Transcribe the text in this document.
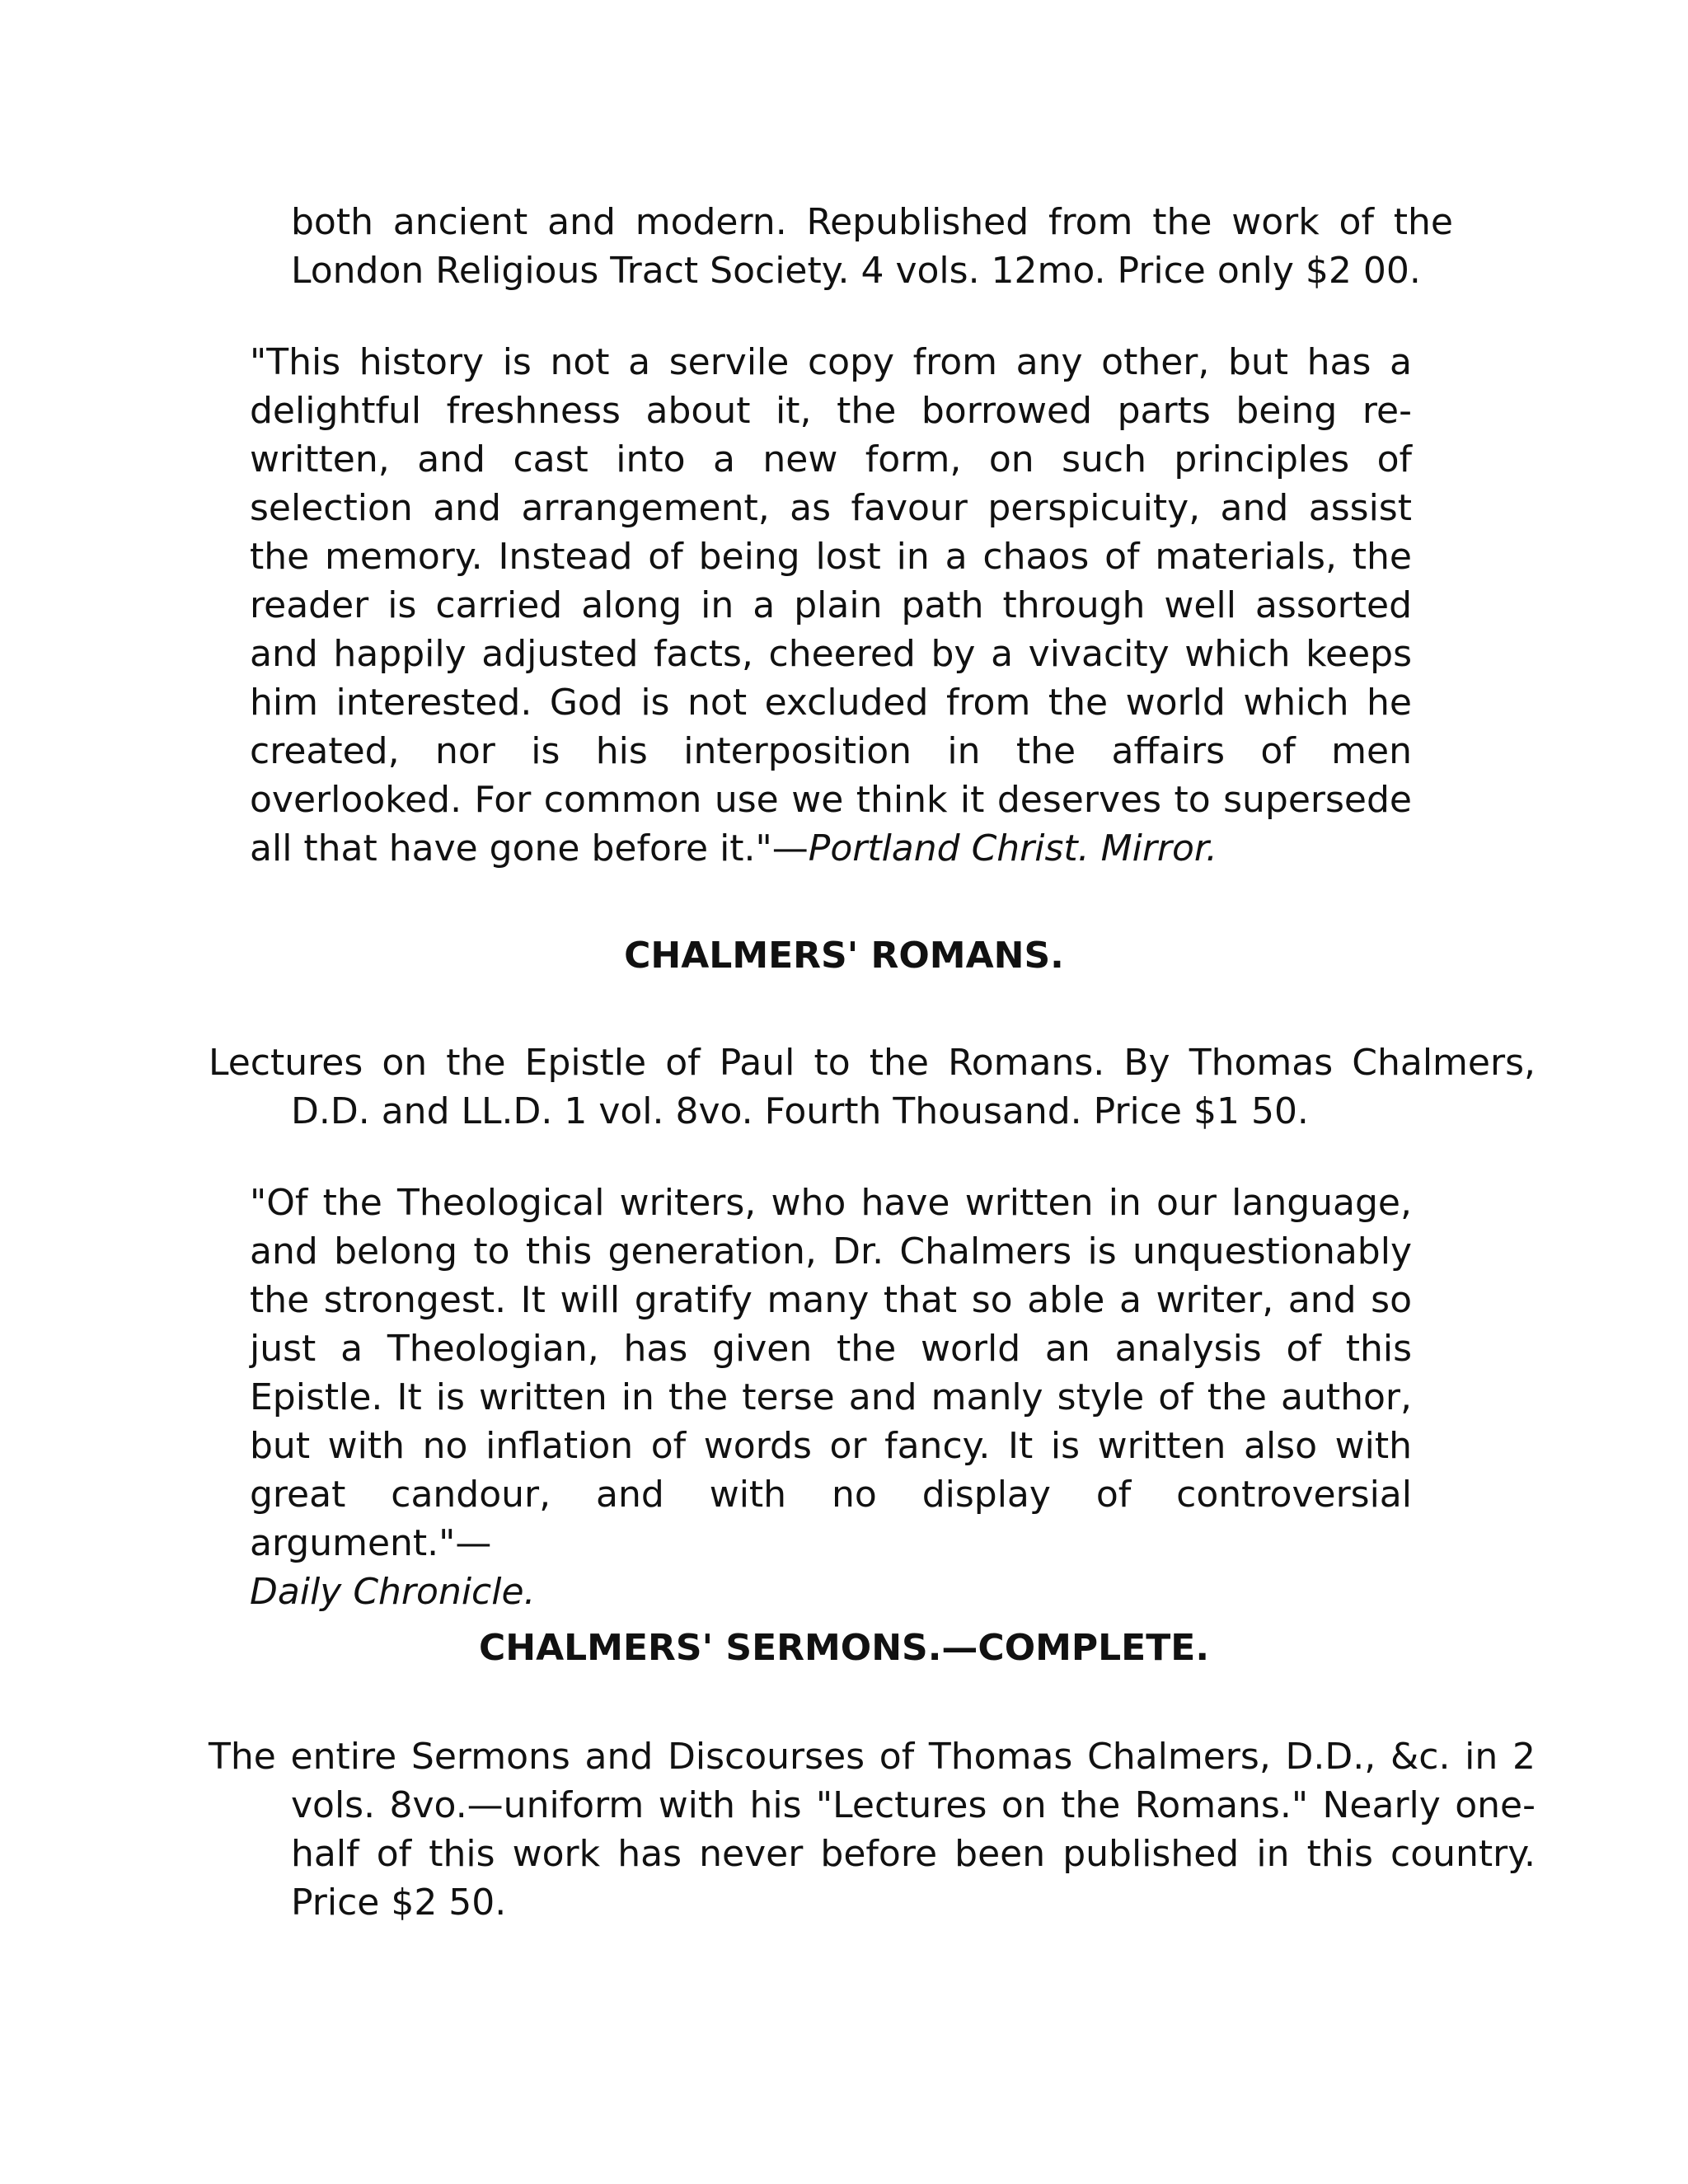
both ancient and modern. Republished from the work of the London Religious Tract Society. 4 vols. 12mo. Price only $2 00.

"This history is not a servile copy from any other, but has a delightful freshness about it, the borrowed parts being re-written, and cast into a new form, on such principles of selection and arrangement, as favour perspicuity, and assist the memory. Instead of being lost in a chaos of materials, the reader is carried along in a plain path through well assorted and happily adjusted facts, cheered by a vivacity which keeps him interested. God is not excluded from the world which he created, nor is his interposition in the affairs of men overlooked. For common use we think it deserves to supersede all that have gone before it."—Portland Christ. Mirror.

CHALMERS' ROMANS.

Lectures on the Epistle of Paul to the Romans. By Thomas Chalmers, D.D. and LL.D. 1 vol. 8vo. Fourth Thousand. Price $1 50.

"Of the Theological writers, who have written in our language, and belong to this generation, Dr. Chalmers is unquestionably the strongest. It will gratify many that so able a writer, and so just a Theologian, has given the world an analysis of this Epistle. It is written in the terse and manly style of the author, but with no inflation of words or fancy. It is written also with great candour, and with no display of controversial argument."—
Daily Chronicle.

CHALMERS' SERMONS.—COMPLETE.

The entire Sermons and Discourses of Thomas Chalmers, D.D., &c. in 2 vols. 8vo.—uniform with his "Lectures on the Romans." Nearly one-half of this work has never before been published in this country. Price $2 50.
